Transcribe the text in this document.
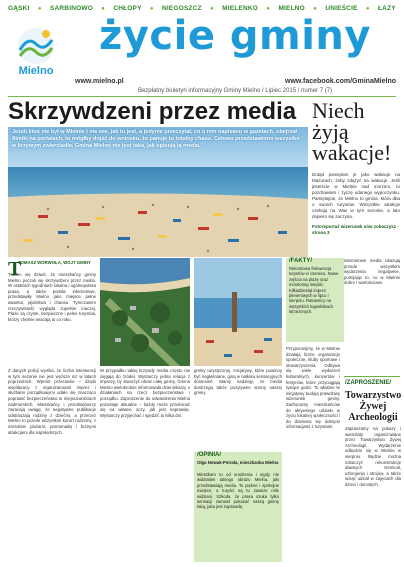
GĄSKI ● SARBINOWO ● CHŁOPY ● NIEGOSZCZ ● MIELENKO ● MIELNO ● UNIEŚCIE ● ŁAZY
Mielno
życie gminy
www.mielno.pl	www.facebook.com/GminaMielno
Bezpłatny biuletyn informacyjny Gminy Mielno / Lipiec 2015 / numer 7 (7)
Skrzywdzeni przez media Niech żyją wakacje!
Dotąd pamiętam je jako wakacje na Mazurach, żeby zdążyć na wakacje. Jeśli jesteście w Mielnie nad morzem, to pozdrawiam i życzę udanego wypoczynku. Pamiętajcie, że Mielno to gmina, która dba o swoich turystów. Wszystkie atrakcje czekają na Was w tym sezonie, a lato dopiero się zaczyna.
Fotoreportaż wizerunek sów zobaczysz - strona 3
Jeżeli ktoś nie był w Mielnie i nie wie, jak tu jest, a jedynie przeczytał, co o nim napisano w gazetach, obejrzał filmiki na portalach, to mógłby dojść do wniosku, że panuje tu totalny chaos. Celowo przedstawiono wszystko w krzywym zwierciadle. Gmina Mielno nie jest taka, jak opisują ją media.
T
TOMASZ WORWOŁA, WÓJT GMINY
Trudno się dziwić, że mieszkańcy gminy Mielno poczuli się skrzywdzeni przez media. W ostatnich tygodniach lokalna i ogólnopolska prasa, a także portale internetowe, przedstawiły Mielno jako miejsce pełne awantur, pijaństwa i chaosu. Tymczasem rzeczywistość wygląda zupełnie inaczej. Plaże są czyste, bezpieczne i pełne turystów, którzy chętnie wracają tu co roku.
/FAKTY/
Rekordowa frekwencja turystów w czerwcu. Nowe zejścia na plażę oraz monitoring miejski. Kilkadziesiąt imprez plenerowych w lipcu i sierpniu. Ratownicy na wszystkich kąpieliskach strzeżonych.
internetowe media ukazują przede wszystkim wydarzenia negatywne, pomijając to, co w Mielnie dobre i wartościowe.
Z danych policji wynika, że liczba interwencji w tym sezonie nie jest wyższa niż w latach poprzednich. Wprost przeciwnie – dzięki współpracy z organizatorami imprez i służbami porządkowymi udało się znacząco poprawić bezpieczeństwo w miejscowościach nadmorskich. Mieszkańcy i przedsiębiorcy zwracają uwagę, że negatywne publikacje odstraszają rodziny z dziećmi, a przecież Mielno to przede wszystkim kurort rodzinny, z szerokimi plażami, promenadą i licznymi atrakcjami dla najmłodszych.
W przypadku takiej krzywdy media często nie sięgają do źródeł. Wystarczy jedna relacja z imprezy, by stworzyć obraz całej gminy. Gmina Mielno wielokrotnie informowała dziennikarzy o działaniach na rzecz bezpieczeństwa i porządku. Zaproszenie do odwiedzenia Mielna pozostaje aktualne – każdy może przekonać się na własne oczy, jak jest naprawdę. Wystarczy przyjechać i spędzić tu kilka dni.
gminy turystycznej. Inicjatywy, które powinny być nagłaśniane, giną w natłoku sensacyjnych doniesień. Mamy nadzieję, że media dostrzegą także pozytywne strony naszej gminy.
Przypomnijmy, że w Mielnie działają liczne organizacje społeczne, kluby sportowe i stowarzyszenia. Odbywa się wiele wydarzeń kulturalnych, koncertów i festynów, które przyciągają tysiące gości. To właśnie te inicjatywy budują prawdziwy wizerunek gminy. Zachęcamy mieszkańców do aktywnego udziału w życiu lokalnej społeczności i do dzielenia się dobrymi informacjami z turystami.
/OPINIA/
Olga Nowak-Pstrała, mieszkanka Mielna
Mieszkam tu od urodzenia i nigdy nie widziałam takiego obrazu Mielna, jaki przedstawiają media. To piękne i spokojne miejsce, a turyści są tu zawsze mile widziani. Szkoda, że prasa szuka tylko sensacji zamiast pokazać naszą gminę taką, jaka jest naprawdę.
/ZAPROSZENIE/
Towarzystwo Żywej Archeologii
Zapraszamy na pokazy i warsztaty organizowane przez Towarzystwo Żywej Archeologii. Wydarzenie odbędzie się w Mielnie w sierpniu. Będzie można zobaczyć rekonstrukcje dawnych rzemiosł, uzbrojenia i strojów, a także wziąć udział w zajęciach dla dzieci i dorosłych.
